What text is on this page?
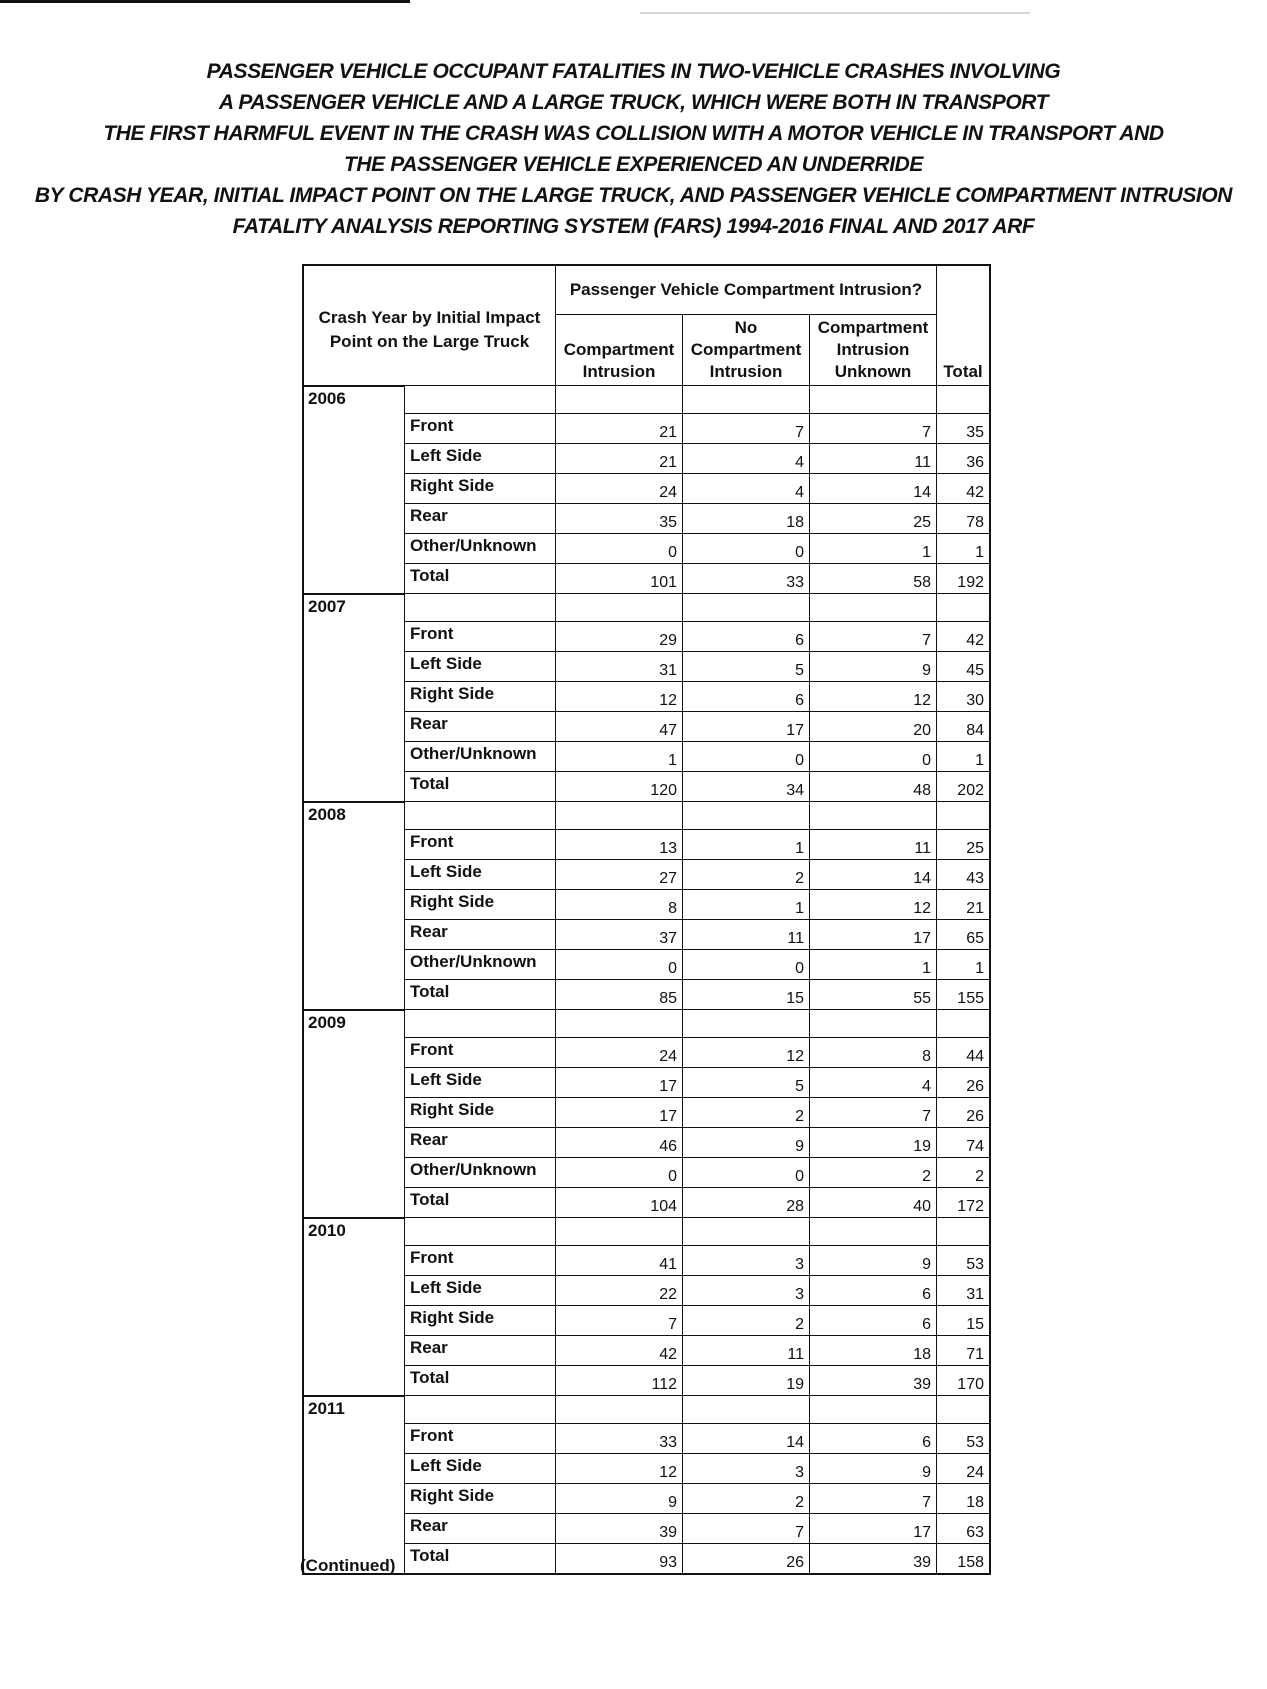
PASSENGER VEHICLE OCCUPANT FATALITIES IN TWO-VEHICLE CRASHES INVOLVING
A PASSENGER VEHICLE AND A LARGE TRUCK, WHICH WERE BOTH IN TRANSPORT
THE FIRST HARMFUL EVENT IN THE CRASH WAS COLLISION WITH A MOTOR VEHICLE IN TRANSPORT AND
THE PASSENGER VEHICLE EXPERIENCED AN UNDERRIDE
BY CRASH YEAR, INITIAL IMPACT POINT ON THE LARGE TRUCK, AND PASSENGER VEHICLE COMPARTMENT INTRUSION
FATALITY ANALYSIS REPORTING SYSTEM (FARS) 1994-2016 FINAL AND 2017 ARF
Crash Year by Initial Impact Point on the Large Truck		Passenger Vehicle Compartment Intrusion?			Total
		Compartment Intrusion	No Compartment Intrusion	Compartment Intrusion Unknown	
2006					
	Front	21	7	7	35
	Left Side	21	4	11	36
	Right Side	24	4	14	42
	Rear	35	18	25	78
	Other/Unknown	0	0	1	1
	Total	101	33	58	192
2007					
	Front	29	6	7	42
	Left Side	31	5	9	45
	Right Side	12	6	12	30
	Rear	47	17	20	84
	Other/Unknown	1	0	0	1
	Total	120	34	48	202
2008					
	Front	13	1	11	25
	Left Side	27	2	14	43
	Right Side	8	1	12	21
	Rear	37	11	17	65
	Other/Unknown	0	0	1	1
	Total	85	15	55	155
2009					
	Front	24	12	8	44
	Left Side	17	5	4	26
	Right Side	17	2	7	26
	Rear	46	9	19	74
	Other/Unknown	0	0	2	2
	Total	104	28	40	172
2010					
	Front	41	3	9	53
	Left Side	22	3	6	31
	Right Side	7	2	6	15
	Rear	42	11	18	71
	Total	112	19	39	170
2011					
	Front	33	14	6	53
	Left Side	12	3	9	24
	Right Side	9	2	7	18
	Rear	39	7	17	63
	Total	93	26	39	158
(Continued)
